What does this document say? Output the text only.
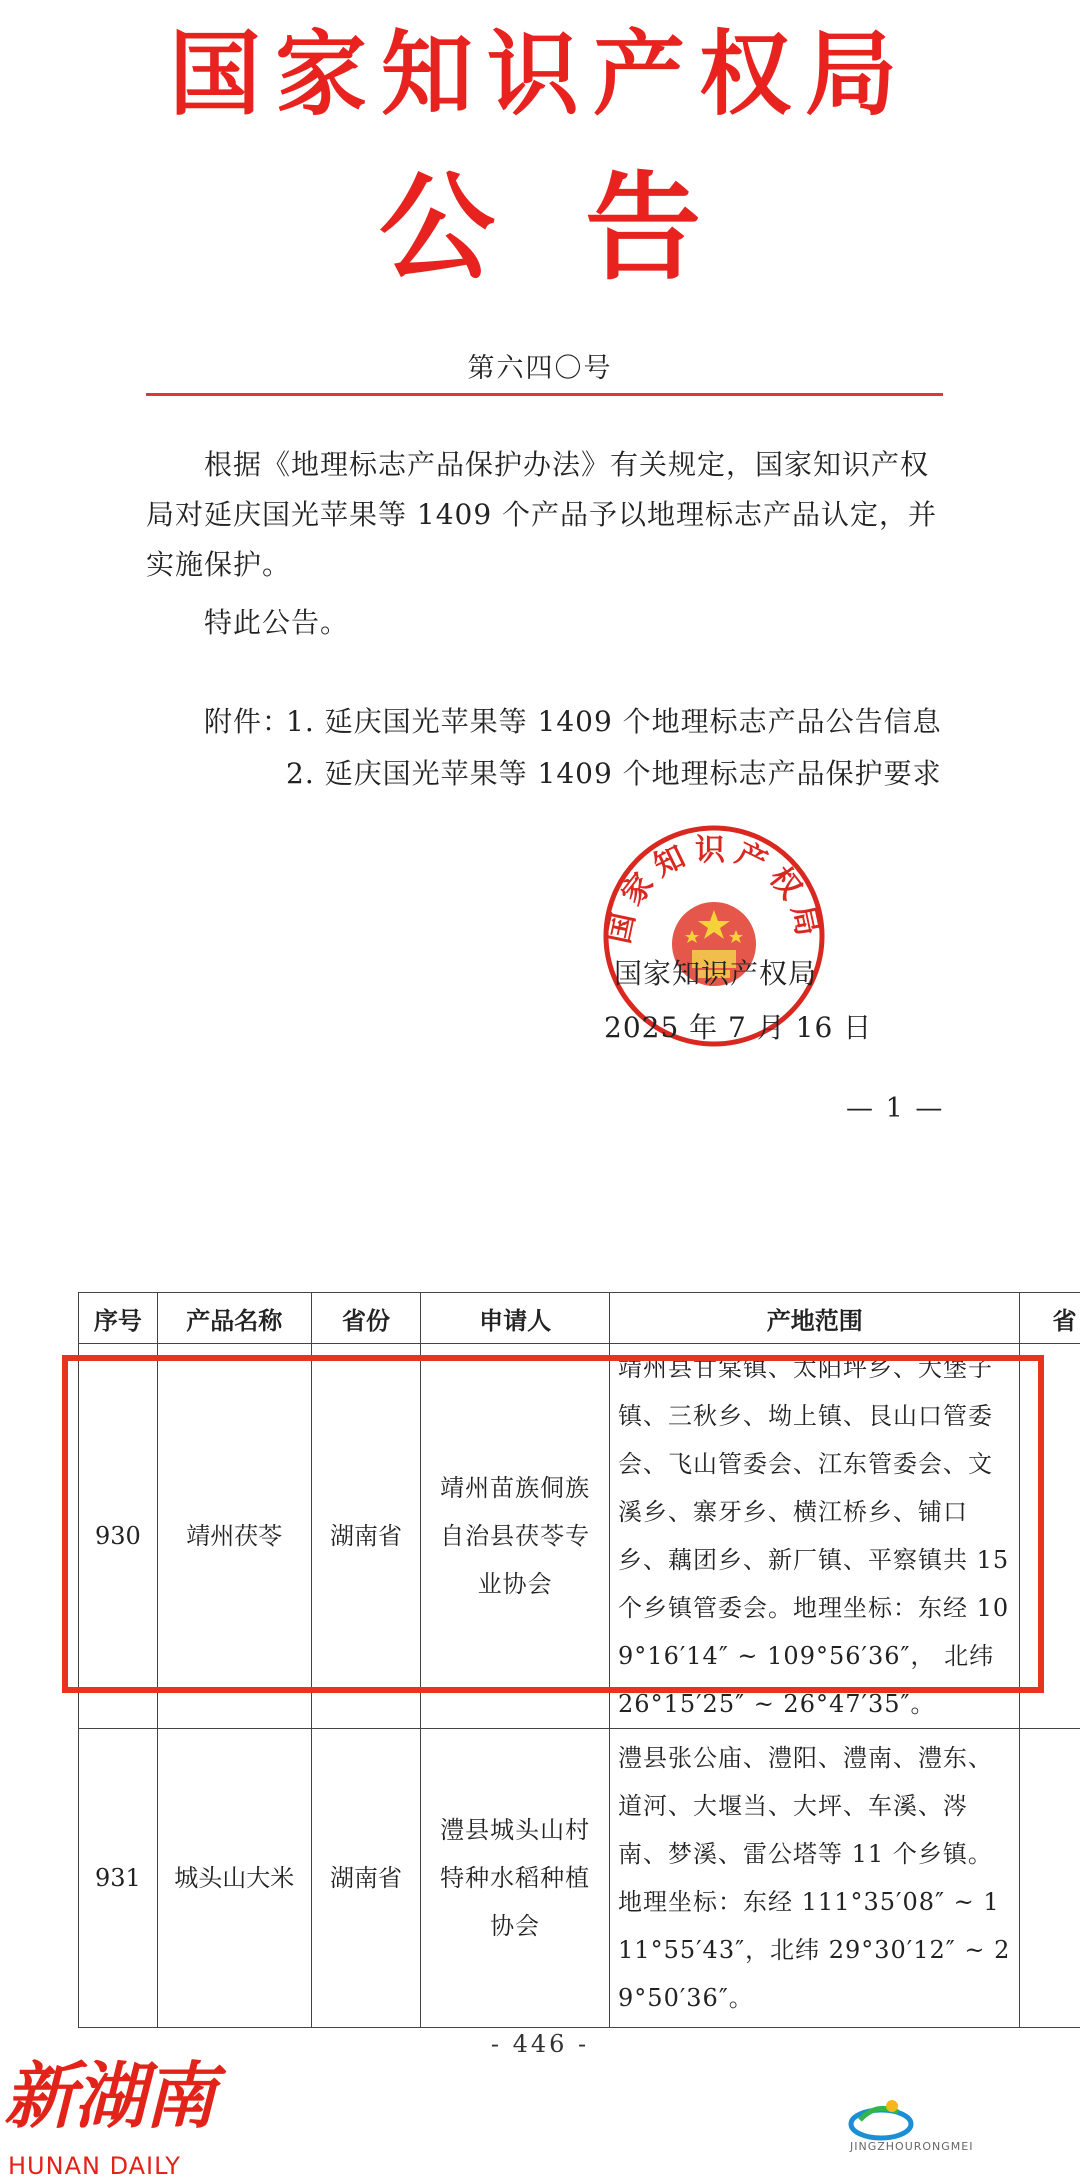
国家知识产权局
公告
第六四〇号
根据《地理标志产品保护办法》有关规定，国家知识产权局对延庆国光苹果等 1409 个产品予以地理标志产品认定，并实施保护。
特此公告。
附件：
1. 延庆国光苹果等 1409 个地理标志产品公告信息
2. 延庆国光苹果等 1409 个地理标志产品保护要求
国家知识产权局
国家知识产权局
2025 年 7 月 16 日
— 1 —
序号	产品名称	省份	申请人	产地范围	省
930	靖州茯苓	湖南省	靖州苗族侗族自治县茯苓专业协会	靖州县甘棠镇、太阳坪乡、大堡子镇、三秋乡、坳上镇、艮山口管委会、飞山管委会、江东管委会、文溪乡、寨牙乡、横江桥乡、铺口乡、藕团乡、新厂镇、平察镇共 15 个乡镇管委会。地理坐标：东经 109°16′14″ ~ 109°56′36″， 北纬 26°15′25″ ~ 26°47′35″。	
931	城头山大米	湖南省	澧县城头山村特种水稻种植协会	澧县张公庙、澧阳、澧南、澧东、道河、大堰当、大坪、车溪、涔南、梦溪、雷公塔等 11 个乡镇。地理坐标：东经 111°35′08″ ~ 111°55′43″，北纬 29°30′12″ ~ 29°50′36″。	
- 446 -
新湖南
HUNAN DAILY
JINGZHOURONGMEI
